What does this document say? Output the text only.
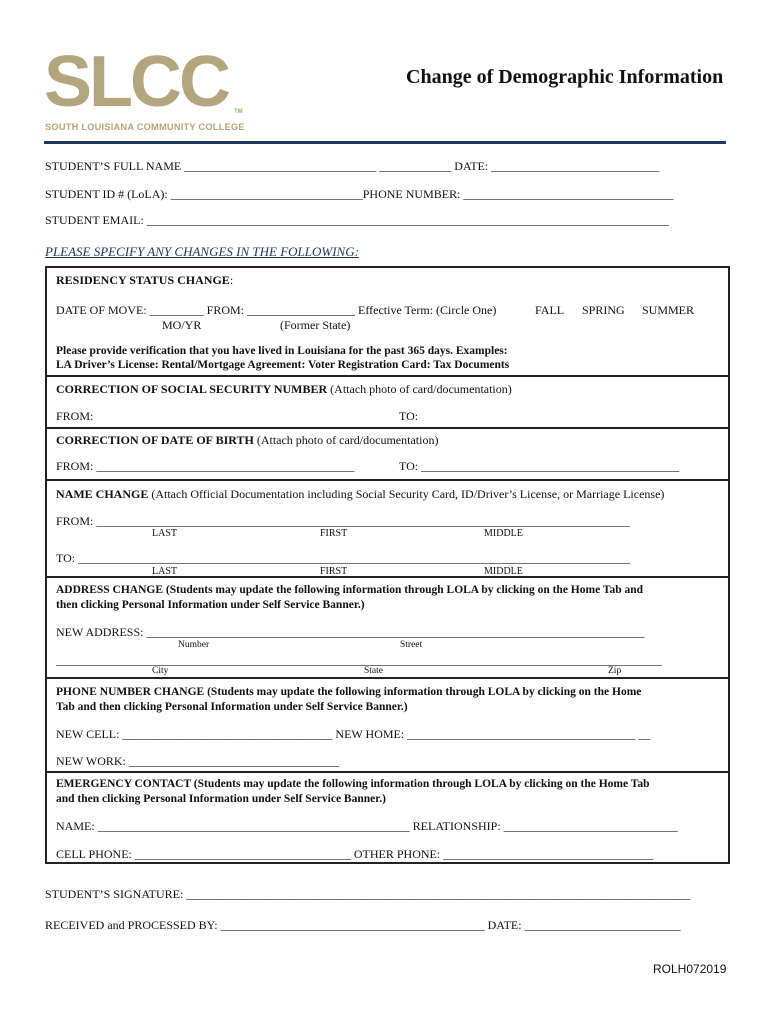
SLCC TM
SOUTH LOUISIANA COMMUNITY COLLEGE
Change of Demographic Information
STUDENT’S FULL NAME ________________________________ ____________ DATE: ____________________________
STUDENT ID # (LoLA): ________________________________PHONE NUMBER: ___________________________________
STUDENT EMAIL: _______________________________________________________________________________________
PLEASE SPECIFY ANY CHANGES IN THE FOLLOWING:
RESIDENCY STATUS CHANGE:
DATE OF MOVE: _________ FROM: __________________ Effective Term: (Circle One)	FALL SPRING SUMMER
MO/YR	(Former State)
Please provide verification that you have lived in Louisiana for the past 365 days. Examples:
LA Driver’s License: Rental/Mortgage Agreement: Voter Registration Card: Tax Documents
CORRECTION OF SOCIAL SECURITY NUMBER (Attach photo of card/documentation)
FROM:	TO:
CORRECTION OF DATE OF BIRTH (Attach photo of card/documentation)
FROM: ___________________________________________	TO: ___________________________________________
NAME CHANGE (Attach Official Documentation including Social Security Card, ID/Driver’s License, or Marriage License)
FROM: _________________________________________________________________________________________
LAST	FIRST	MIDDLE
TO: ____________________________________________________________________________________________
LAST	FIRST	MIDDLE
ADDRESS CHANGE (Students may update the following information through LOLA by clicking on the Home Tab and
then clicking Personal Information under Self Service Banner.)
NEW ADDRESS: ___________________________________________________________________________________
Number	Street
_____________________________________________________________________________________________________
City	State	Zip
PHONE NUMBER CHANGE (Students may update the following information through LOLA by clicking on the Home
Tab and then clicking Personal Information under Self Service Banner.)
NEW CELL: ___________________________________ NEW HOME: ______________________________________ __
NEW WORK: ___________________________________
EMERGENCY CONTACT (Students may update the following information through LOLA by clicking on the Home Tab
and then clicking Personal Information under Self Service Banner.)
NAME: ____________________________________________________ RELATIONSHIP: _____________________________
CELL PHONE: ____________________________________ OTHER PHONE: ___________________________________
STUDENT’S SIGNATURE: ____________________________________________________________________________________
RECEIVED and PROCESSED BY: ____________________________________________ DATE: __________________________
ROLH072019
